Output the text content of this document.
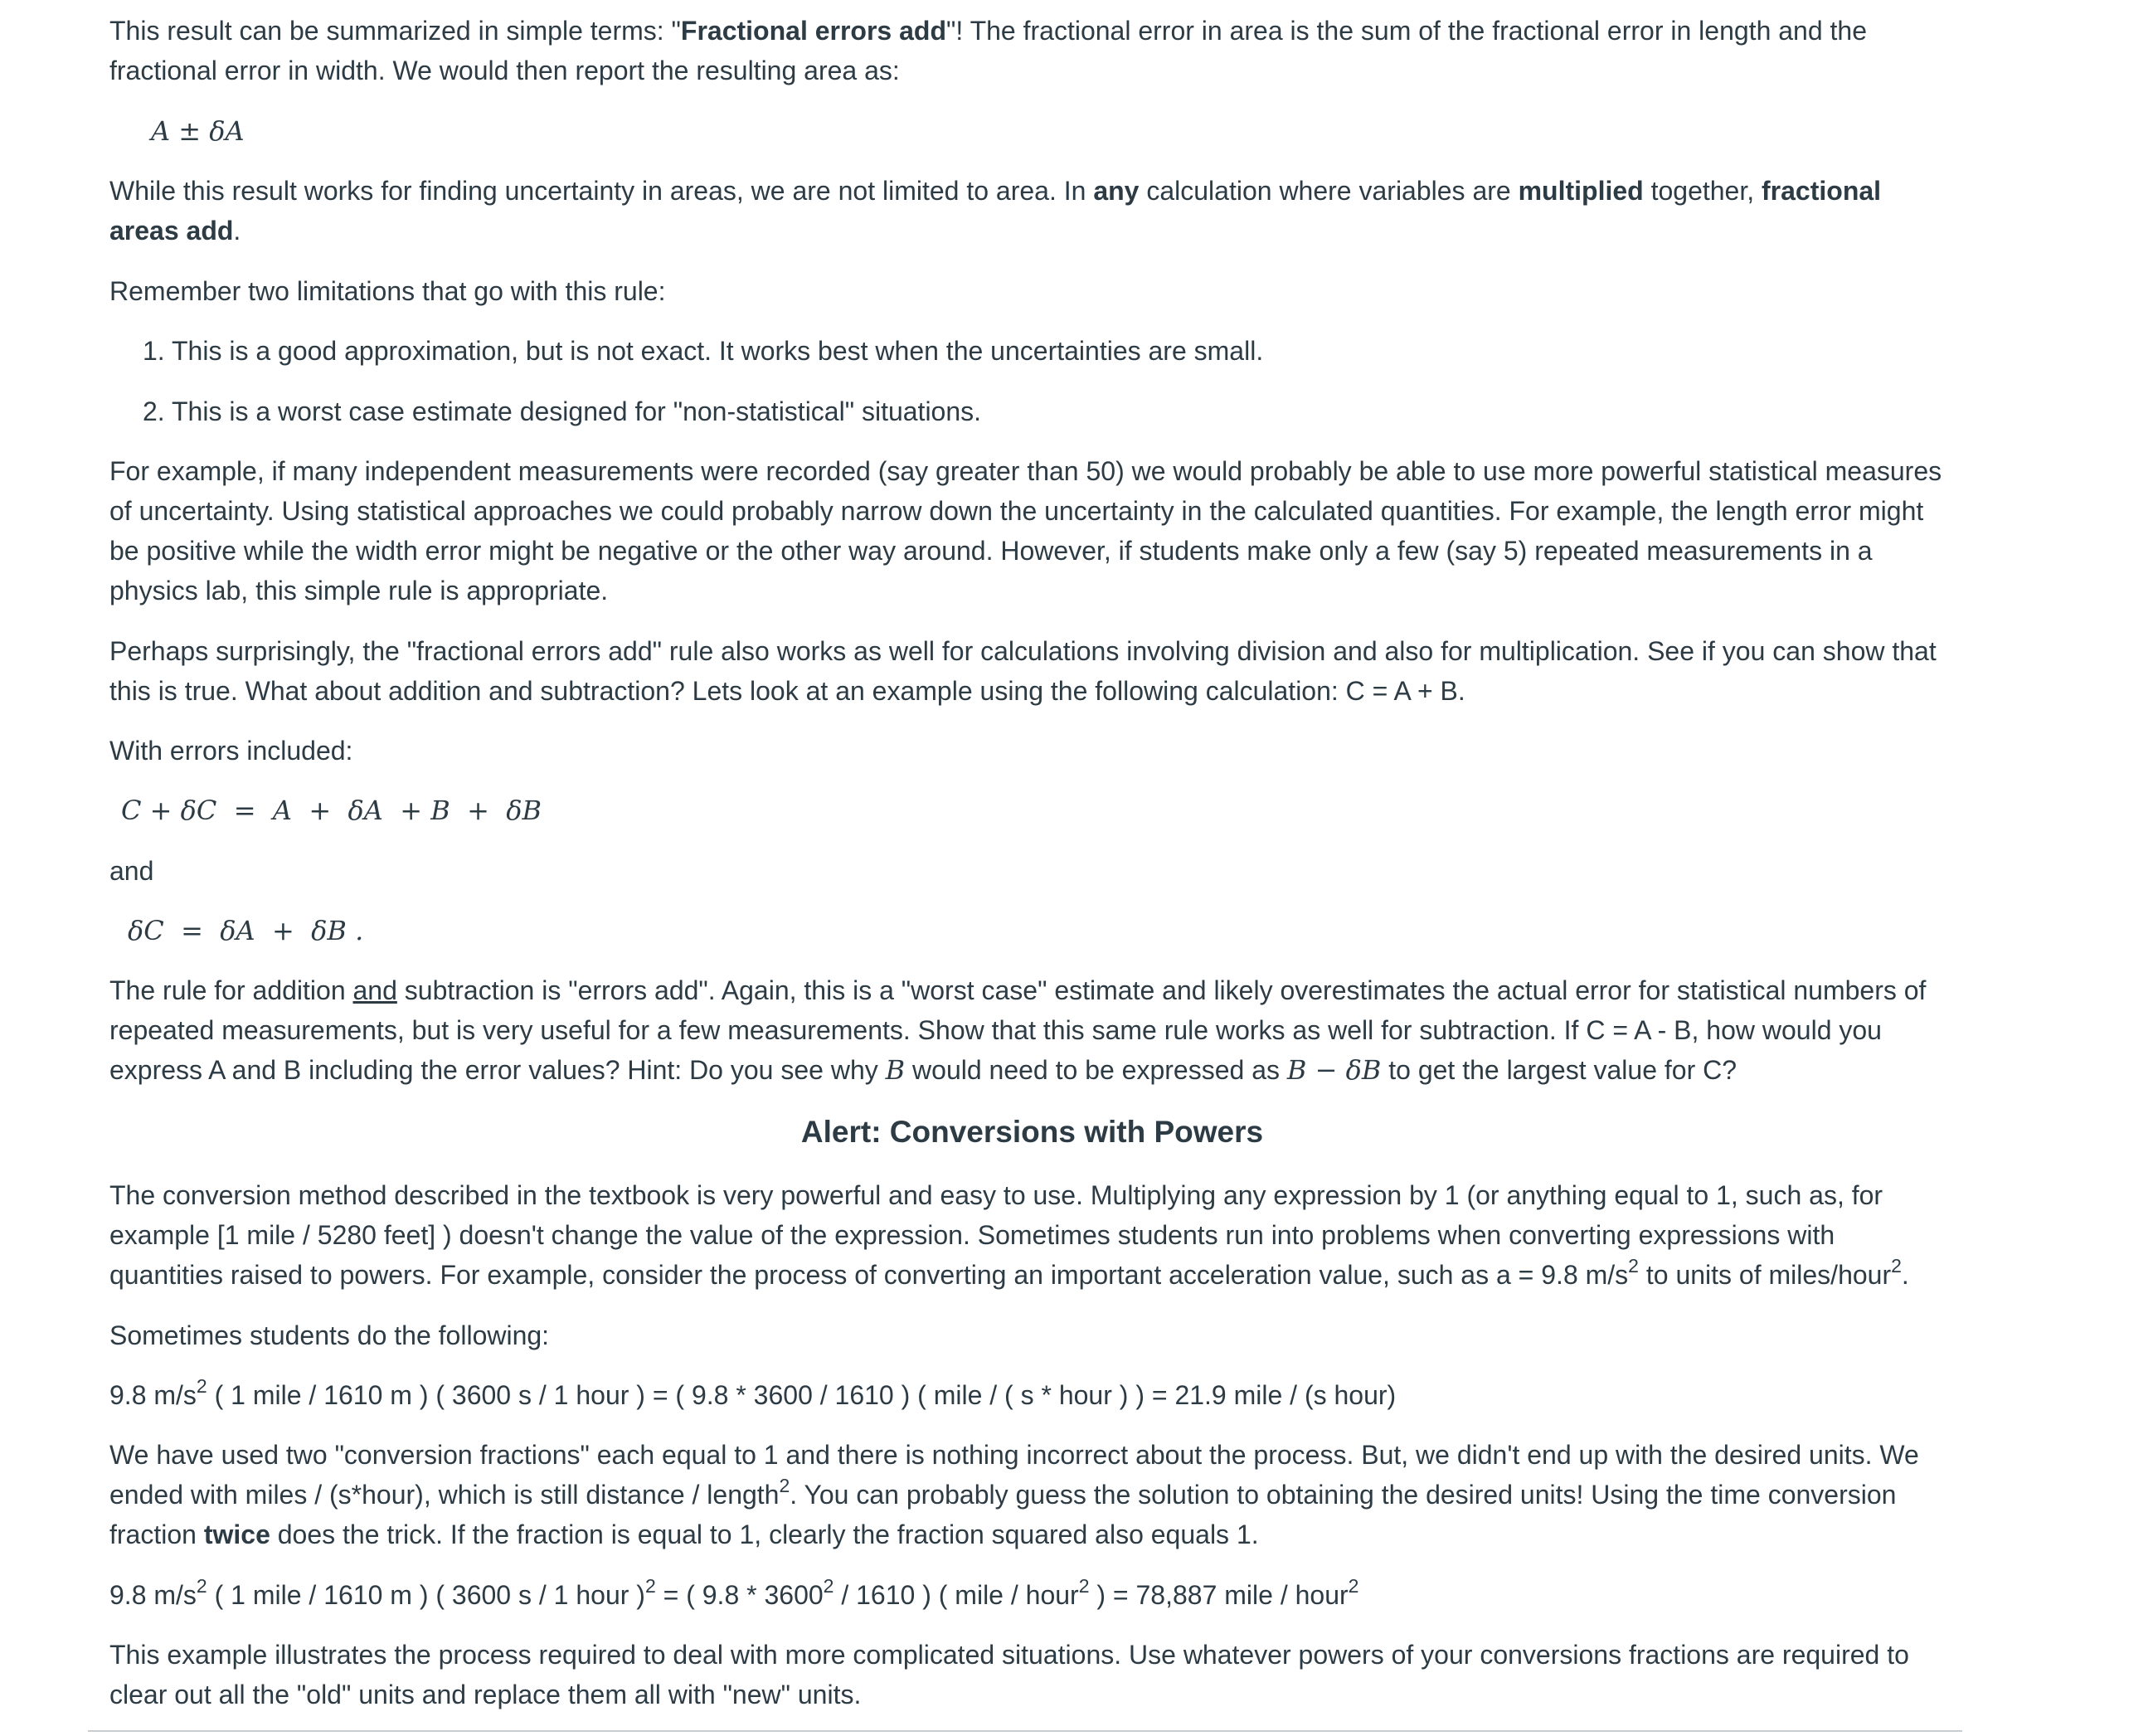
This result can be summarized in simple terms: "Fractional errors add"! The fractional error in area is the sum of the fractional error in length and the fractional error in width. We would then report the resulting area as:

A ± δA

While this result works for finding uncertainty in areas, we are not limited to area. In any calculation where variables are multiplied together, fractional areas add.

Remember two limitations that go with this rule:

1. This is a good approximation, but is not exact. It works best when the uncertainties are small.
2. This is a worst case estimate designed for "non-statistical" situations.

For example, if many independent measurements were recorded (say greater than 50) we would probably be able to use more powerful statistical measures of uncertainty. Using statistical approaches we could probably narrow down the uncertainty in the calculated quantities. For example, the length error might be positive while the width error might be negative or the other way around. However, if students make only a few (say 5) repeated measurements in a physics lab, this simple rule is appropriate.

Perhaps surprisingly, the "fractional errors add" rule also works as well for calculations involving division and also for multiplication. See if you can show that this is true. What about addition and subtraction? Lets look at an example using the following calculation: C = A + B.

With errors included:

C + δC  =  A  +  δA  + B  +  δB

and

δC  =  δA  +  δB .

The rule for addition and subtraction is "errors add". Again, this is a "worst case" estimate and likely overestimates the actual error for statistical numbers of repeated measurements, but is very useful for a few measurements. Show that this same rule works as well for subtraction. If C = A - B, how would you express A and B including the error values? Hint: Do you see why B would need to be expressed as B − δB to get the largest value for C?

Alert: Conversions with Powers

The conversion method described in the textbook is very powerful and easy to use. Multiplying any expression by 1 (or anything equal to 1, such as, for example [1 mile / 5280 feet] ) doesn't change the value of the expression. Sometimes students run into problems when converting expressions with quantities raised to powers. For example, consider the process of converting an important acceleration value, such as a = 9.8 $m/s^2$ to units of miles/hour$^2$.

Sometimes students do the following:

9.8 $m/s^2$ ( 1 mile / 1610 m ) ( 3600 s / 1 hour ) = ( 9.8 * 3600 / 1610 ) ( mile / ( s * hour ) ) = 21.9 mile / (s hour)

We have used two "conversion fractions" each equal to 1 and there is nothing incorrect about the process. But, we didn't end up with the desired units. We ended with miles / (s*hour), which is still distance / length$^2$. You can probably guess the solution to obtaining the desired units! Using the time conversion fraction twice does the trick. If the fraction is equal to 1, clearly the fraction squared also equals 1.

9.8 $m/s^2$ ( 1 mile / 1610 m ) ( 3600 s / 1 hour )$^2$ = ( 9.8 * 3600$^2$ / 1610 ) ( mile / hour$^2$ ) = 78,887 mile / hour$^2$

This example illustrates the process required to deal with more complicated situations. Use whatever powers of your conversions fractions are required to clear out all the "old" units and replace them all with "new" units.
